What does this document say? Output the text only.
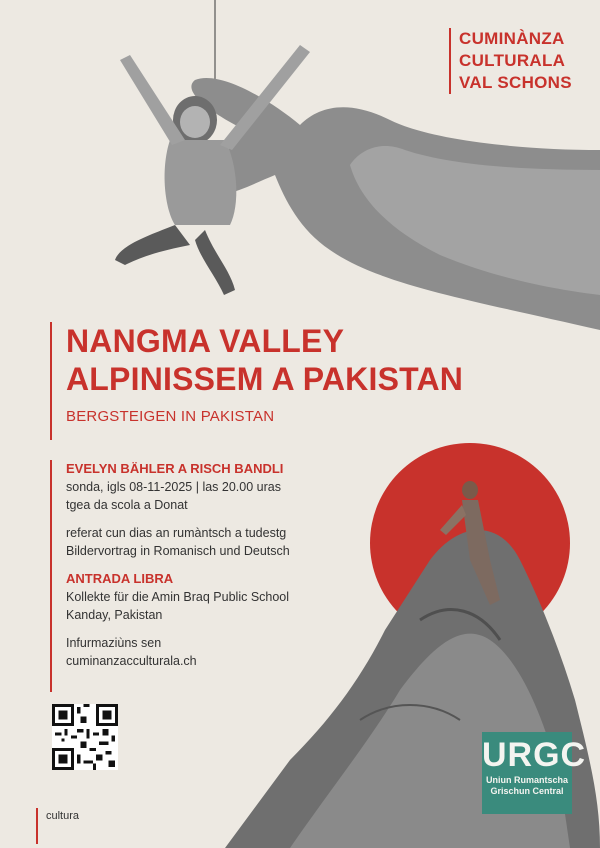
CUMINÀNZA
CULTURALA
VAL SCHONS
NANGMA VALLEY
ALPINISSEM A PAKISTAN
BERGSTEIGEN IN PAKISTAN
EVELYN BÄHLER A RISCH BANDLI
sonda, igls 08-11-2025 | las 20.00 uras
tgea da scola a Donat
referat cun dias an rumàntsch a tudestg
Bildervortrag in Romanisch und Deutsch
ANTRADA LIBRA
Kollekte für die Amin Braq Public School
Kanday, Pakistan
Infurmaziùns sen
cuminanzacculturala.ch
cultura
URGC
Uniun Rumantscha
Grischun Central
